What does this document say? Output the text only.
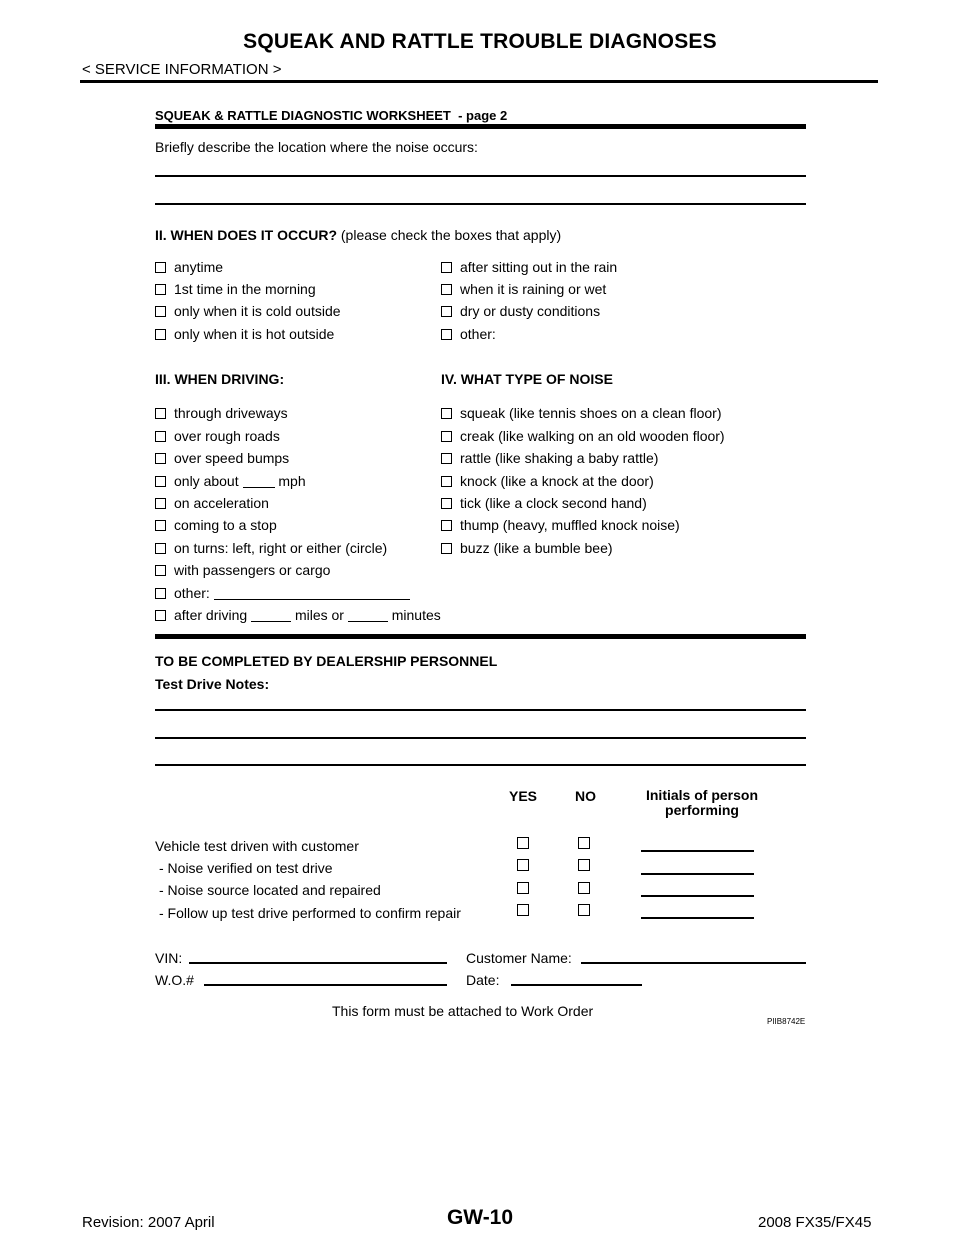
SQUEAK AND RATTLE TROUBLE DIAGNOSES
< SERVICE INFORMATION >
SQUEAK & RATTLE DIAGNOSTIC WORKSHEET  - page 2
Briefly describe the location where the noise occurs:
II. WHEN DOES IT OCCUR? (please check the boxes that apply)
anytime
1st time in the morning
only when it is cold outside
only when it is hot outside
after sitting out in the rain
when it is raining or wet
dry or dusty conditions
other:
III. WHEN DRIVING:	IV. WHAT TYPE OF NOISE
through driveways
over rough roads
over speed bumps
only about

	mph
on acceleration
coming to a stop
on turns: left, right or either (circle)
with passengers or cargo
other:

after driving

	miles or

	minutes
squeak (like tennis shoes on a clean floor)
creak (like walking on an old wooden floor)
rattle (like shaking a baby rattle)
knock (like a knock at the door)
tick (like a clock second hand)
thump (heavy, muffled knock noise)
buzz (like a bumble bee)
TO BE COMPLETED BY DEALERSHIP PERSONNEL
Test Drive Notes:
YES	NO	Initials of person
performing
Vehicle test driven with customer
- Noise verified on test drive
- Noise source located and repaired
- Follow up test drive performed to confirm repair
VIN:	Customer Name:
W.O.#	Date:
This form must be attached to Work Order
PIIB8742E
Revision: 2007 April	GW-10	2008 FX35/FX45
